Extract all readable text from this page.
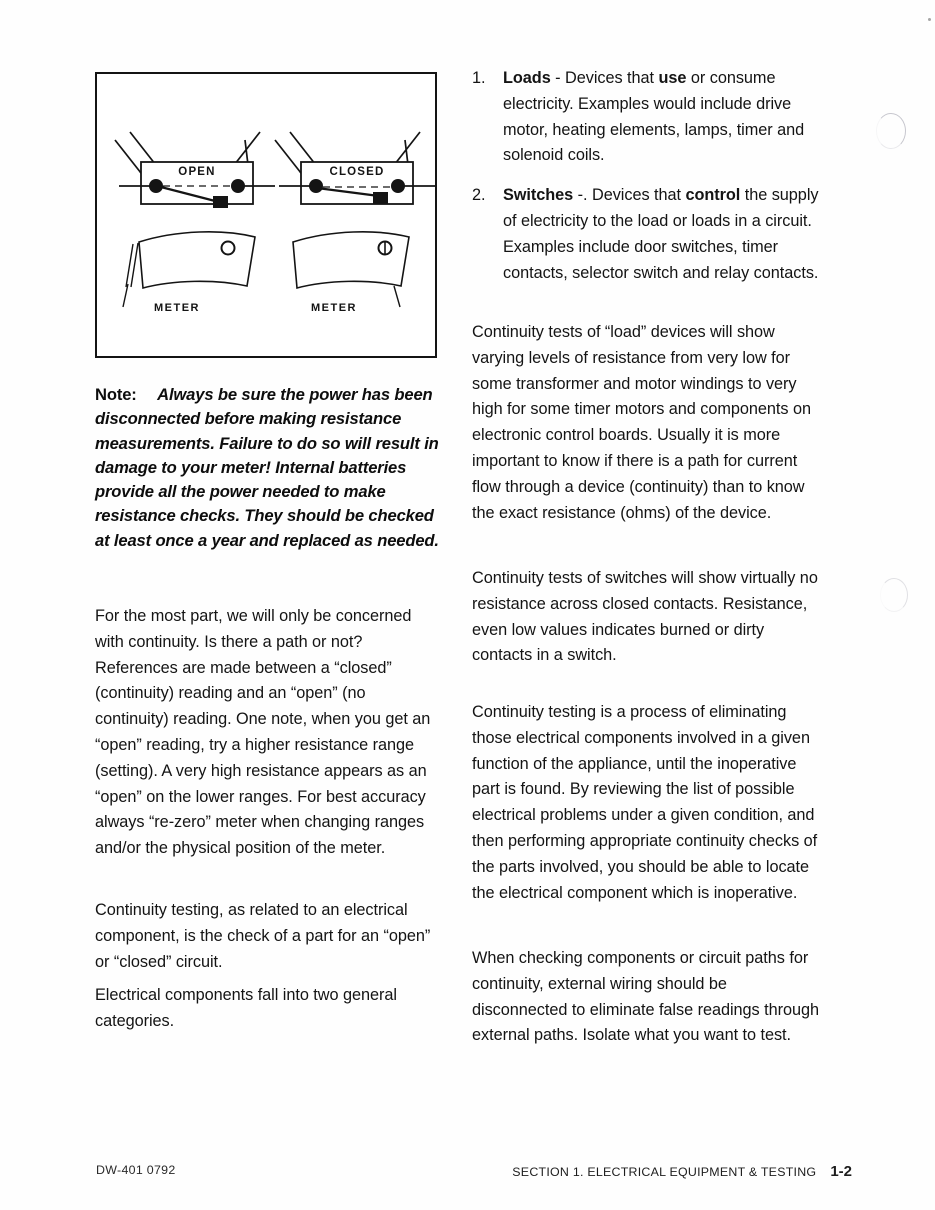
OPEN
METER
CLOSED
METER
Note: Always be sure the power has been disconnected before making resistance measurements. Failure to do so will result in damage to your meter! Internal batteries provide all the power needed to make resistance checks. They should be checked at least once a year and replaced as needed.
For the most part, we will only be concerned with continuity. Is there a path or not? References are made between a “closed” (continuity) reading and an “open” (no continuity) reading. One note, when you get an “open” reading, try a higher resistance range (setting). A very high resistance appears as an “open” on the lower ranges. For best accuracy always “re-zero” meter when changing ranges and/or the physical position of the meter.
Continuity testing, as related to an electrical component, is the check of a part for an “open” or “closed” circuit.
Electrical components fall into two general categories.
1. Loads - Devices that use or consume electricity. Examples would include drive motor, heating elements, lamps, timer and solenoid coils.
2. Switches -. Devices that control the supply of electricity to the load or loads in a circuit. Examples include door switches, timer contacts, selector switch and relay contacts.
Continuity tests of “load” devices will show varying levels of resistance from very low for some transformer and motor windings to very high for some timer motors and components on electronic control boards. Usually it is more important to know if there is a path for current flow through a device (continuity) than to know the exact resistance (ohms) of the device.
Continuity tests of switches will show virtually no resistance across closed contacts. Resistance, even low values indicates burned or dirty contacts in a switch.
Continuity testing is a process of eliminating those electrical components involved in a given function of the appliance, until the inoperative part is found. By reviewing the list of possible electrical problems under a given condition, and then performing appropriate continuity checks of the parts involved, you should be able to locate the electrical component which is inoperative.
When checking components or circuit paths for continuity, external wiring should be disconnected to eliminate false readings through external paths. Isolate what you want to test.
DW-401 0792	SECTION 1. ELECTRICAL EQUIPMENT & TESTING 1-2
